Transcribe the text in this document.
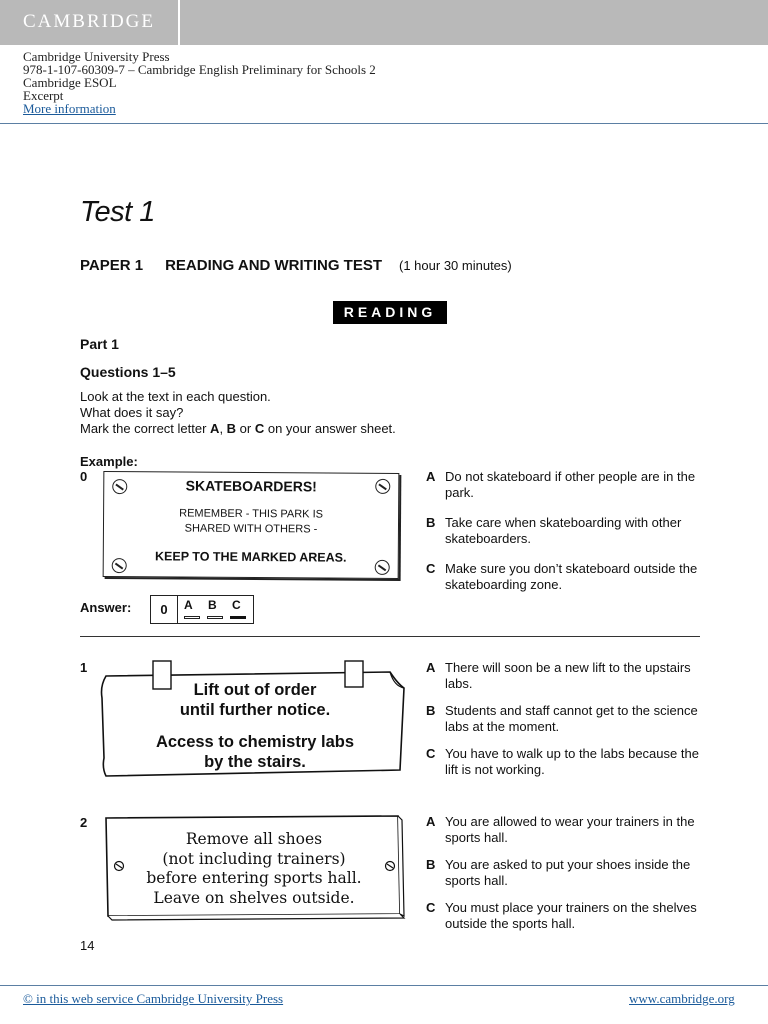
CAMBRIDGE
Cambridge University Press
978-1-107-60309-7 – Cambridge English Preliminary for Schools 2
Cambridge ESOL
Excerpt
More information
Test 1
PAPER 1 READING AND WRITING TEST (1 hour 30 minutes)
READING
Part 1
Questions 1–5
Look at the text in each question.
What does it say?
Mark the correct letter A, B or C on your answer sheet.
Example:
0
SKATEBOARDERS!
REMEMBER - THIS PARK IS
SHARED WITH OTHERS -
KEEP TO THE MARKED AREAS.
A Do not skateboard if other people are in the park.
B Take care when skateboarding with other skateboarders.
C Make sure you don’t skateboard outside the skateboarding zone.
Answer:	0	A B C
1
Lift out of order
until further notice.
Access to chemistry labs
by the stairs.
A There will soon be a new lift to the upstairs labs.
B Students and staff cannot get to the science labs at the moment.
C You have to walk up to the labs because the lift is not working.
2
Remove all shoes
(not including trainers)
before entering sports hall.
Leave on shelves outside.
A You are allowed to wear your trainers in the sports hall.
B You are asked to put your shoes inside the sports hall.
C You must place your trainers on the shelves outside the sports hall.
14
© in this web service Cambridge University Press	www.cambridge.org
